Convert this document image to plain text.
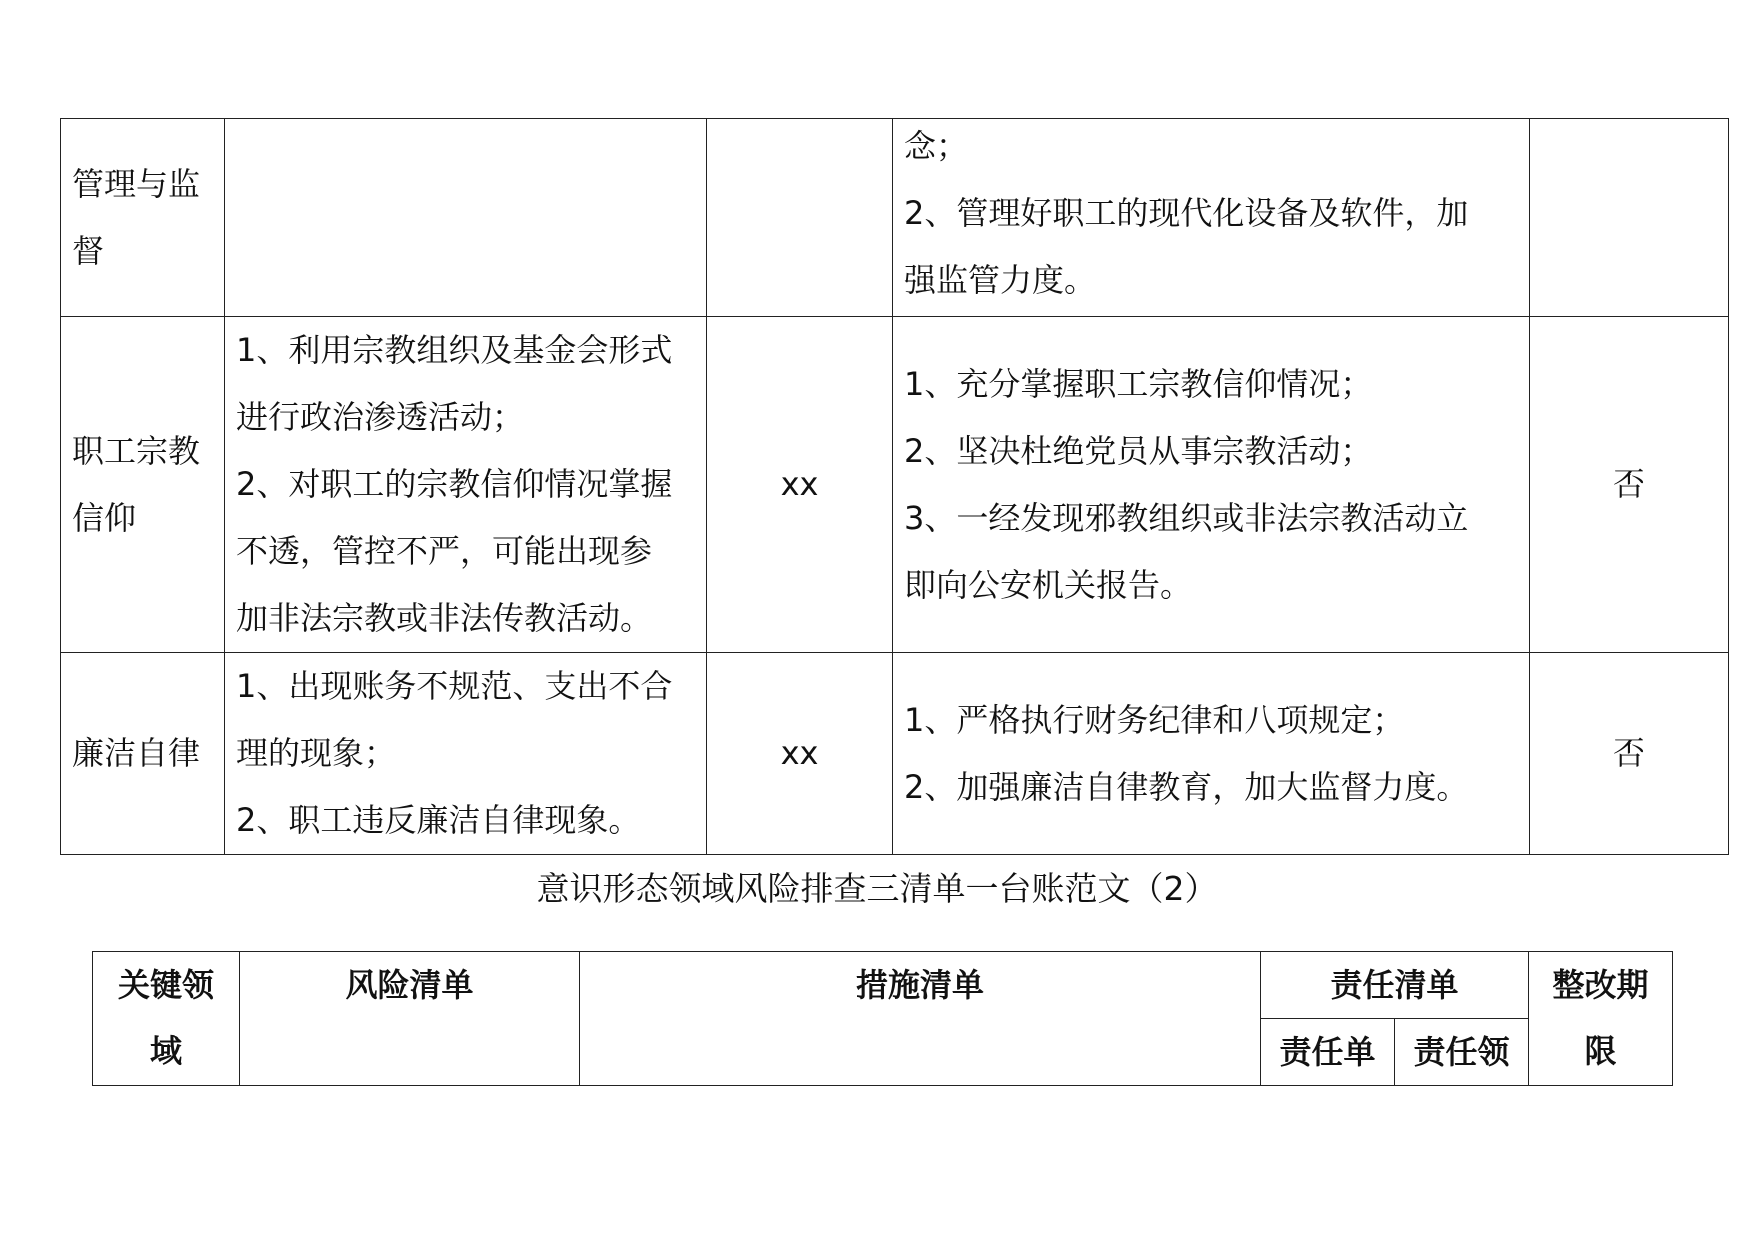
管理与监
督			念；
2、管理好职工的现代化设备及软件，加
强监管力度。	

职工宗教
信仰	1、利用宗教组织及基金会形式
进行政治渗透活动；
2、对职工的宗教信仰情况掌握
不透，管控不严，可能出现参
加非法宗教或非法传教活动。	xx	1、充分掌握职工宗教信仰情况；
2、坚决杜绝党员从事宗教活动；
3、一经发现邪教组织或非法宗教活动立
即向公安机关报告。	否

廉洁自律	1、出现账务不规范、支出不合
理的现象；
2、职工违反廉洁自律现象。	xx	1、严格执行财务纪律和八项规定；
2、加强廉洁自律教育，加大监督力度。	否
意识形态领域风险排查三清单一台账范文（2）
关键领
域	风险清单	措施清单	责任清单		整改期
限

			责任单	责任领	
